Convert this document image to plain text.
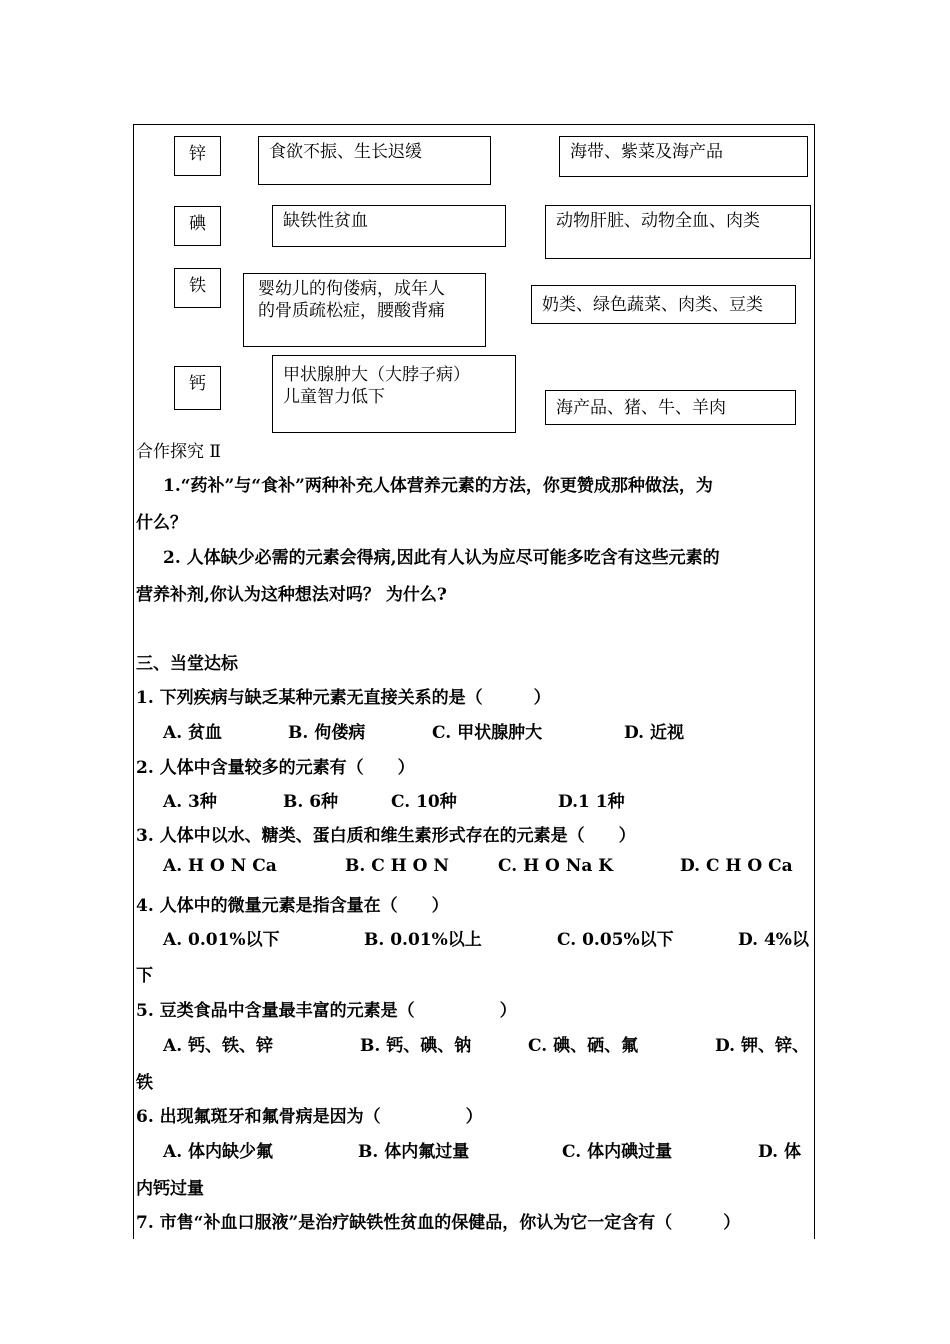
锌
碘
铁
钙
食欲不振、生长迟缓
缺铁性贫血
婴幼儿的佝偻病，成年人
的骨质疏松症，腰酸背痛
甲状腺肿大（大脖子病）
儿童智力低下
海带、紫菜及海产品
动物肝脏、动物全血、肉类
奶类、绿色蔬菜、肉类、豆类
海产品、猪、牛、羊肉
合作探究 Ⅱ
1.“药补”与“食补”两种补充人体营养元素的方法，你更赞成那种做法，为
什么？
2. 人体缺少必需的元素会得病,因此有人认为应尽可能多吃含有这些元素的
营养补剂,你认为这种想法对吗？ 为什么?
三、当堂达标
1. 下列疾病与缺乏某种元素无直接关系的是（　　　）
A. 贫血	B. 佝偻病	C. 甲状腺肿大	D. 近视
2. 人体中含量较多的元素有（　　）
A. 3种	B. 6种	C. 10种	D.1 1种
3. 人体中以水、糖类、蛋白质和维生素形式存在的元素是（　　）
A. H O N Ca	B. C H O N	C. H O Na K	D. C H O Ca
4. 人体中的微量元素是指含量在（　　）
A. 0.01%以下	B. 0.01%以上	C. 0.05%以下	D. 4%以
下
5. 豆类食品中含量最丰富的元素是（　　　　　）
A. 钙、铁、锌	B. 钙、碘、钠	C. 碘、硒、氟	D. 钾、锌、
铁
6. 出现氟斑牙和氟骨病是因为（　　　　　）
A. 体内缺少氟	B. 体内氟过量	C. 体内碘过量	D. 体
内钙过量
7. 市售“补血口服液”是治疗缺铁性贫血的保健品，你认为它一定含有（　　　）
